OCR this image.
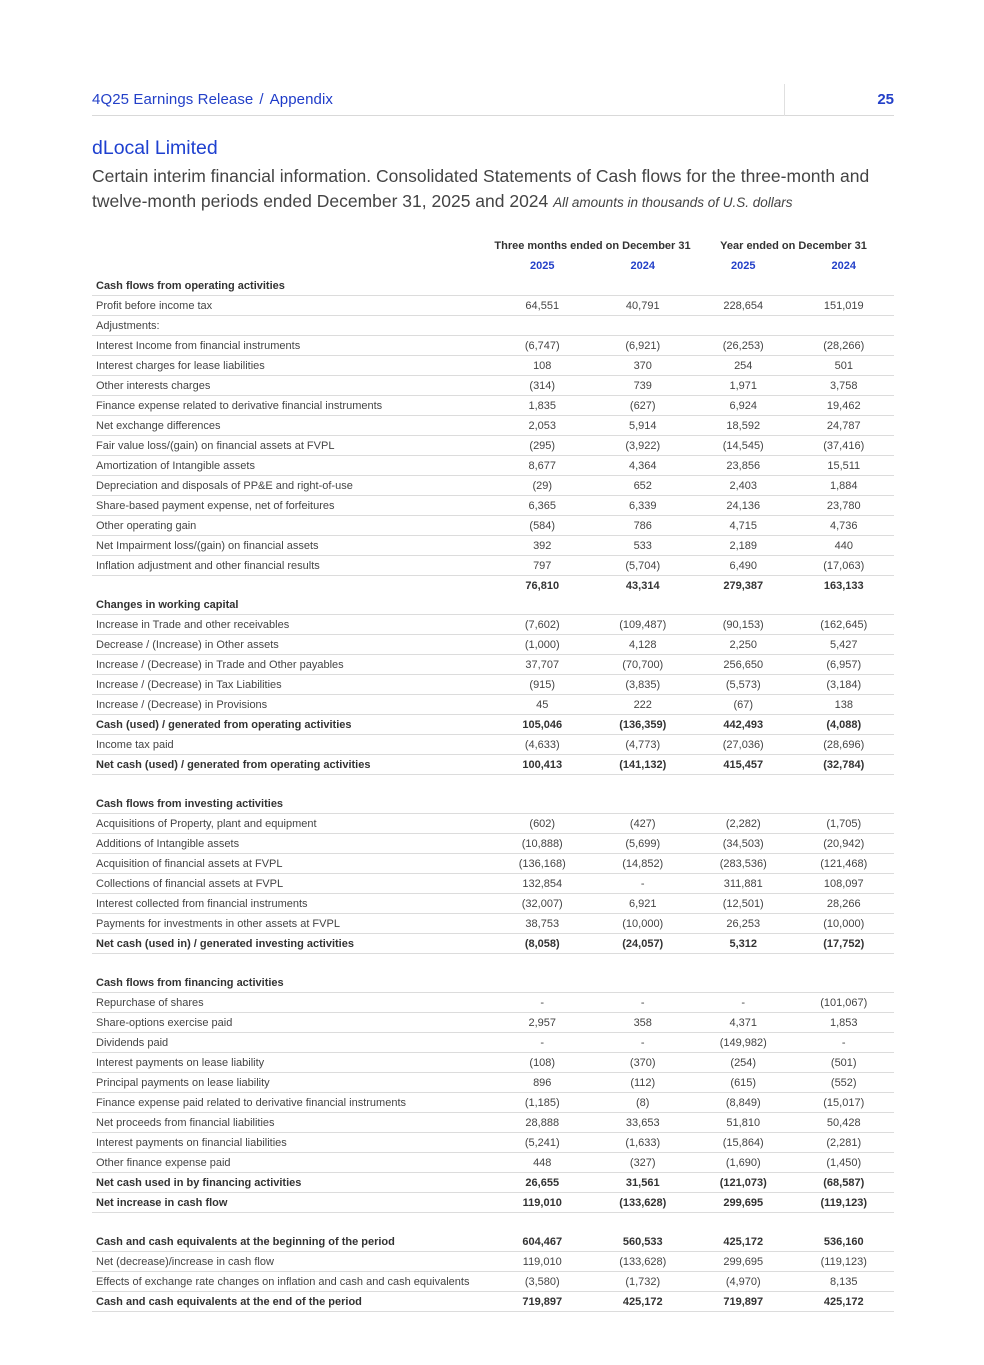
4Q25 Earnings Release / Appendix	25
dLocal Limited
Certain interim financial information. Consolidated Statements of Cash flows for the three-month and twelve-month periods ended December 31, 2025 and 2024 All amounts in thousands of U.S. dollars
	Three months ended on December 31		Year ended on December 31	
	2025	2024	2025	2024
Cash flows from operating activities				
Profit before income tax	64,551	40,791	228,654	151,019
Adjustments:				
Interest Income from financial instruments	(6,747)	(6,921)	(26,253)	(28,266)
Interest charges for lease liabilities	108	370	254	501
Other interests charges	(314)	739	1,971	3,758
Finance expense related to derivative financial instruments	1,835	(627)	6,924	19,462
Net exchange differences	2,053	5,914	18,592	24,787
Fair value loss/(gain) on financial assets at FVPL	(295)	(3,922)	(14,545)	(37,416)
Amortization of Intangible assets	8,677	4,364	23,856	15,511
Depreciation and disposals of PP&E and right-of-use	(29)	652	2,403	1,884
Share-based payment expense, net of forfeitures	6,365	6,339	24,136	23,780
Other operating gain	(584)	786	4,715	4,736
Net Impairment loss/(gain) on financial assets	392	533	2,189	440
Inflation adjustment and other financial results	797	(5,704)	6,490	(17,063)
	76,810	43,314	279,387	163,133
Changes in working capital				
Increase in Trade and other receivables	(7,602)	(109,487)	(90,153)	(162,645)
Decrease / (Increase) in Other assets	(1,000)	4,128	2,250	5,427
Increase / (Decrease) in Trade and Other payables	37,707	(70,700)	256,650	(6,957)
Increase / (Decrease) in Tax Liabilities	(915)	(3,835)	(5,573)	(3,184)
Increase / (Decrease) in Provisions	45	222	(67)	138
Cash (used) / generated from operating activities	105,046	(136,359)	442,493	(4,088)
Income tax paid	(4,633)	(4,773)	(27,036)	(28,696)
Net cash (used) / generated from operating activities	100,413	(141,132)	415,457	(32,784)

Cash flows from investing activities				
Acquisitions of Property, plant and equipment	(602)	(427)	(2,282)	(1,705)
Additions of Intangible assets	(10,888)	(5,699)	(34,503)	(20,942)
Acquisition of financial assets at FVPL	(136,168)	(14,852)	(283,536)	(121,468)
Collections of financial assets at FVPL	132,854	-	311,881	108,097
Interest collected from financial instruments	(32,007)	6,921	(12,501)	28,266
Payments for investments in other assets at FVPL	38,753	(10,000)	26,253	(10,000)
Net cash (used in) / generated investing activities	(8,058)	(24,057)	5,312	(17,752)

Cash flows from financing activities				
Repurchase of shares	-	-	-	(101,067)
Share-options exercise paid	2,957	358	4,371	1,853
Dividends paid	-	-	(149,982)	-
Interest payments on lease liability	(108)	(370)	(254)	(501)
Principal payments on lease liability	896	(112)	(615)	(552)
Finance expense paid related to derivative financial instruments	(1,185)	(8)	(8,849)	(15,017)
Net proceeds from financial liabilities	28,888	33,653	51,810	50,428
Interest payments on financial liabilities	(5,241)	(1,633)	(15,864)	(2,281)
Other finance expense paid	448	(327)	(1,690)	(1,450)
Net cash used in by financing activities	26,655	31,561	(121,073)	(68,587)
Net increase in cash flow	119,010	(133,628)	299,695	(119,123)

Cash and cash equivalents at the beginning of the period	604,467	560,533	425,172	536,160
Net (decrease)/increase in cash flow	119,010	(133,628)	299,695	(119,123)
Effects of exchange rate changes on inflation and cash and cash equivalents	(3,580)	(1,732)	(4,970)	8,135
Cash and cash equivalents at the end of the period	719,897	425,172	719,897	425,172
